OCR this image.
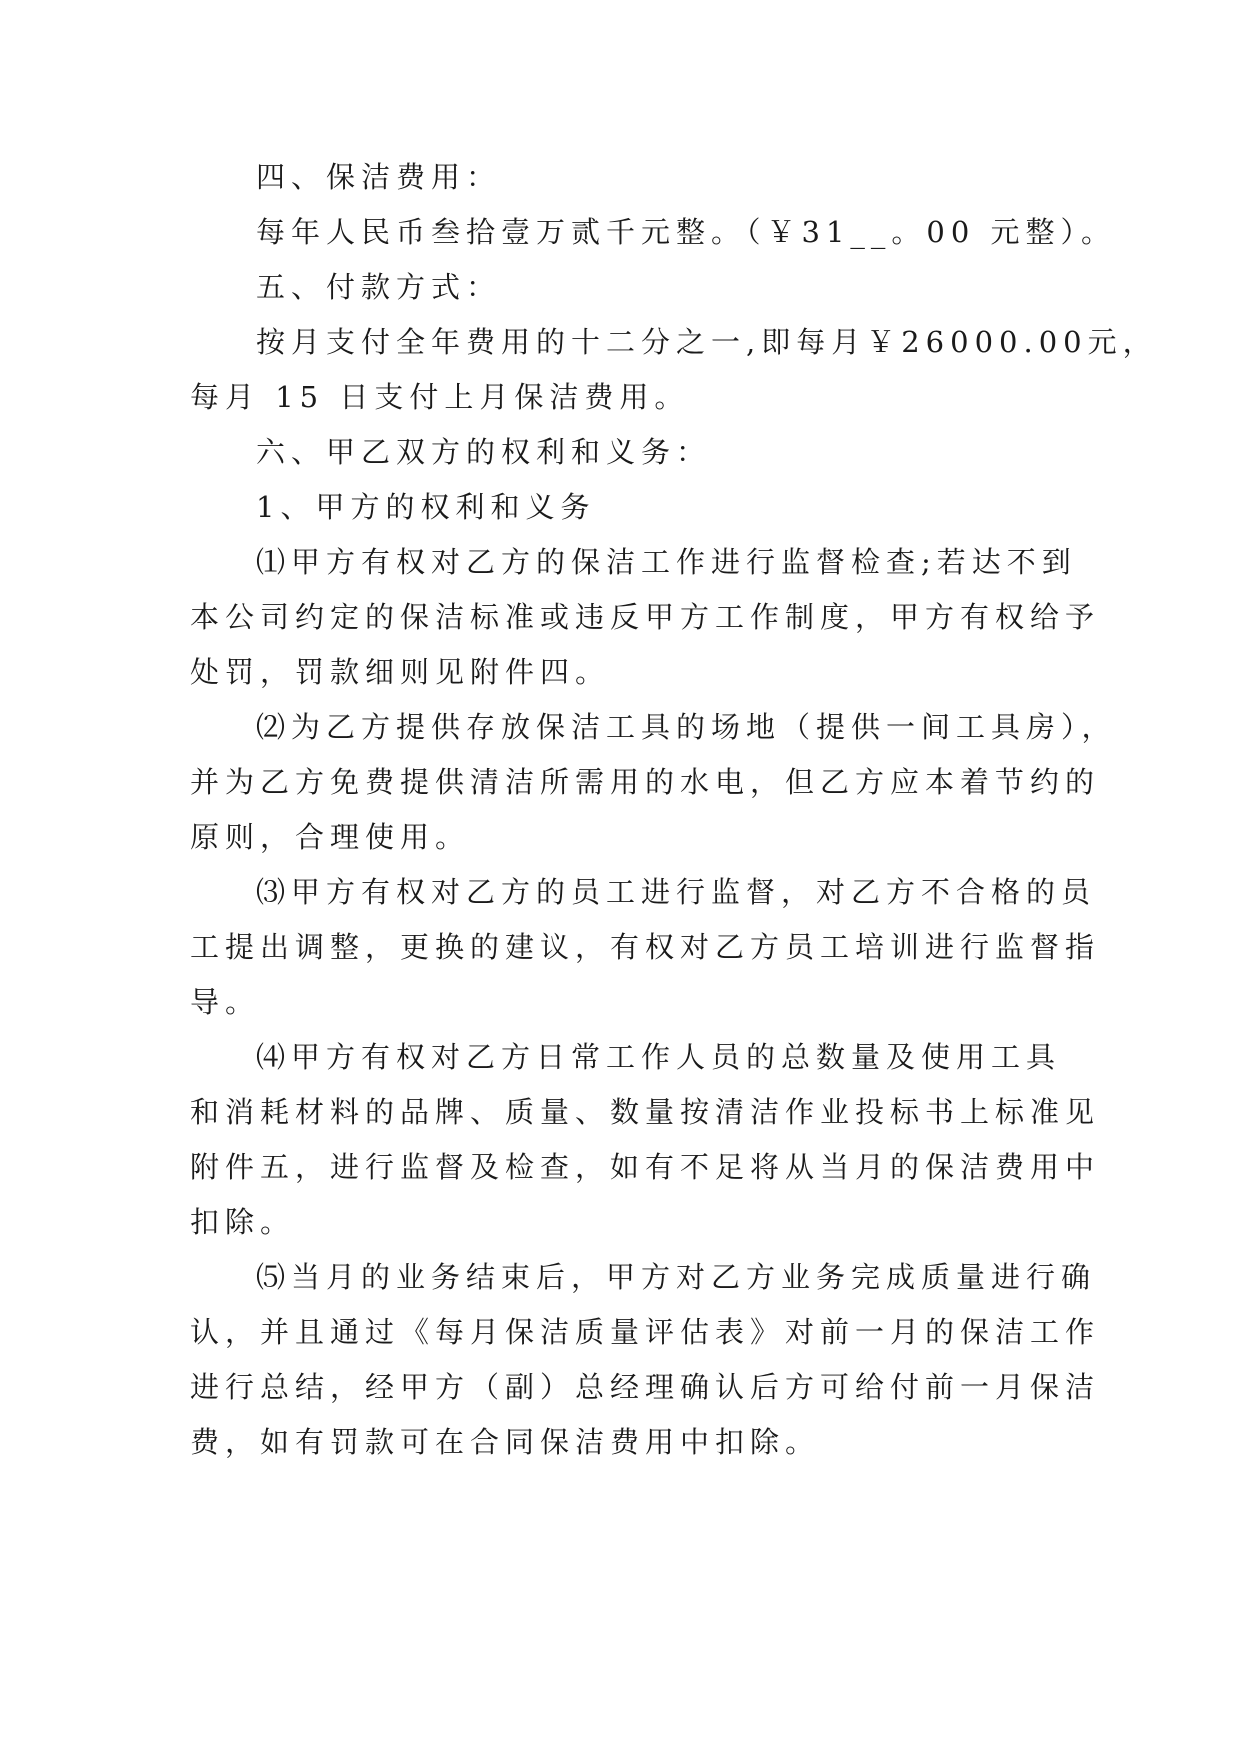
四、保洁费用：
每年人民币叁拾壹万贰千元整。（￥31__。00 元整）。
五、付款方式：
按月支付全年费用的十二分之一,即每月￥26000.00元，
每月 15 日支付上月保洁费用。
六、甲乙双方的权利和义务：
1、甲方的权利和义务
⑴甲方有权对乙方的保洁工作进行监督检查;若达不到
本公司约定的保洁标准或违反甲方工作制度，甲方有权给予
处罚，罚款细则见附件四。
⑵为乙方提供存放保洁工具的场地（提供一间工具房），
并为乙方免费提供清洁所需用的水电，但乙方应本着节约的
原则，合理使用。
⑶甲方有权对乙方的员工进行监督，对乙方不合格的员
工提出调整，更换的建议，有权对乙方员工培训进行监督指
导。
⑷甲方有权对乙方日常工作人员的总数量及使用工具
和消耗材料的品牌、质量、数量按清洁作业投标书上标准见
附件五，进行监督及检查，如有不足将从当月的保洁费用中
扣除。
⑸当月的业务结束后，甲方对乙方业务完成质量进行确
认，并且通过《每月保洁质量评估表》对前一月的保洁工作
进行总结，经甲方（副）总经理确认后方可给付前一月保洁
费，如有罚款可在合同保洁费用中扣除。
